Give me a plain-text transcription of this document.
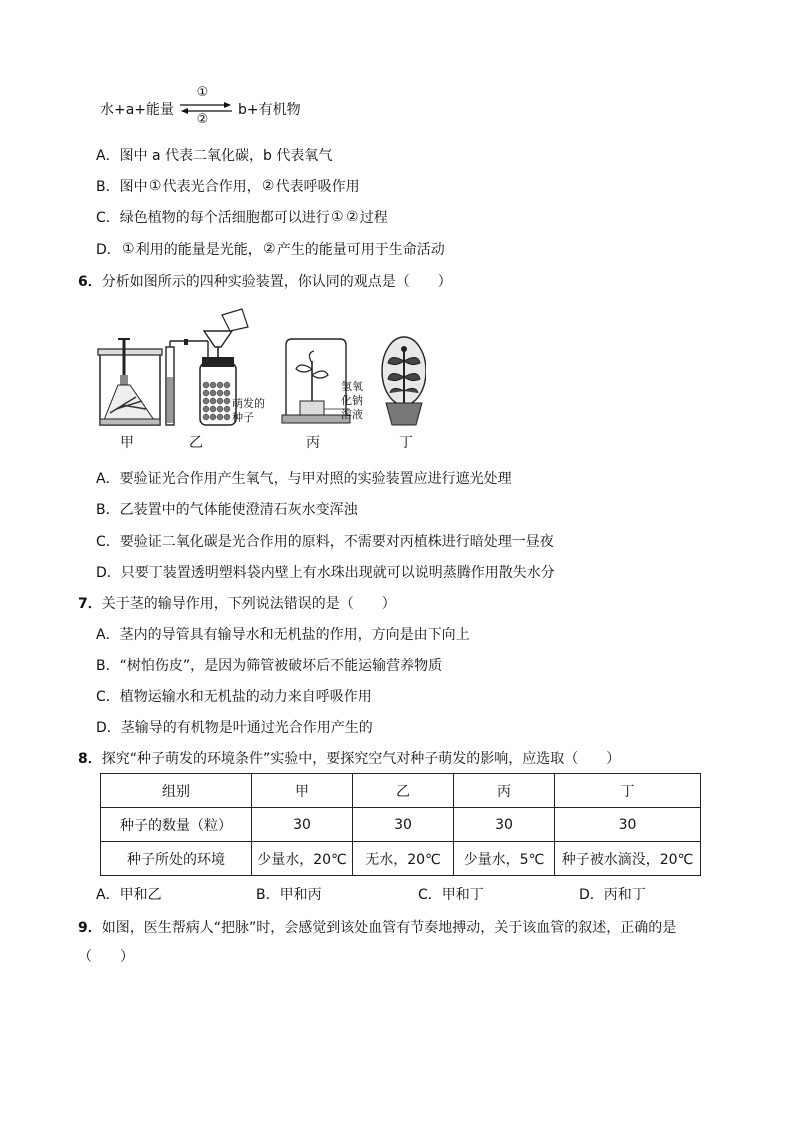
水+a+能量
①
②
b+有机物
A．图中 a 代表二氧化碳，b 代表氧气
B．图中①代表光合作用，②代表呼吸作用
C．绿色植物的每个活细胞都可以进行① ②过程
D．①利用的能量是光能，②产生的能量可用于生命活动
6．分析如图所示的四种实验装置，你认同的观点是（　　）
甲	乙	丙	丁
萌发的
种子
氢氧
化钠
溶液
A．要验证光合作用产生氧气，与甲对照的实验装置应进行遮光处理
B．乙装置中的气体能使澄清石灰水变浑浊
C．要验证二氧化碳是光合作用的原料，不需要对丙植株进行暗处理一昼夜
D．只要丁装置透明塑料袋内壁上有水珠出现就可以说明蒸腾作用散失水分
7．关于茎的输导作用，下列说法错误的是（　　）
A．茎内的导管具有输导水和无机盐的作用，方向是由下向上
B．“树怕伤皮”，是因为筛管被破坏后不能运输营养物质
C．植物运输水和无机盐的动力来自呼吸作用
D．茎输导的有机物是叶通过光合作用产生的
8．探究“种子萌发的环境条件”实验中，要探究空气对种子萌发的影响，应选取（　　）
组别	甲	乙	丙	丁
种子的数量（粒）	30	30	30	30
种子所处的环境	少量水，20℃	无水，20℃	少量水，5℃	种子被水滴没，20℃
A．甲和乙	B．甲和丙	C．甲和丁	D．丙和丁
9．如图，医生帮病人“把脉”时，会感觉到该处血管有节奏地搏动，关于该血管的叙述，正确的是
（　　）
